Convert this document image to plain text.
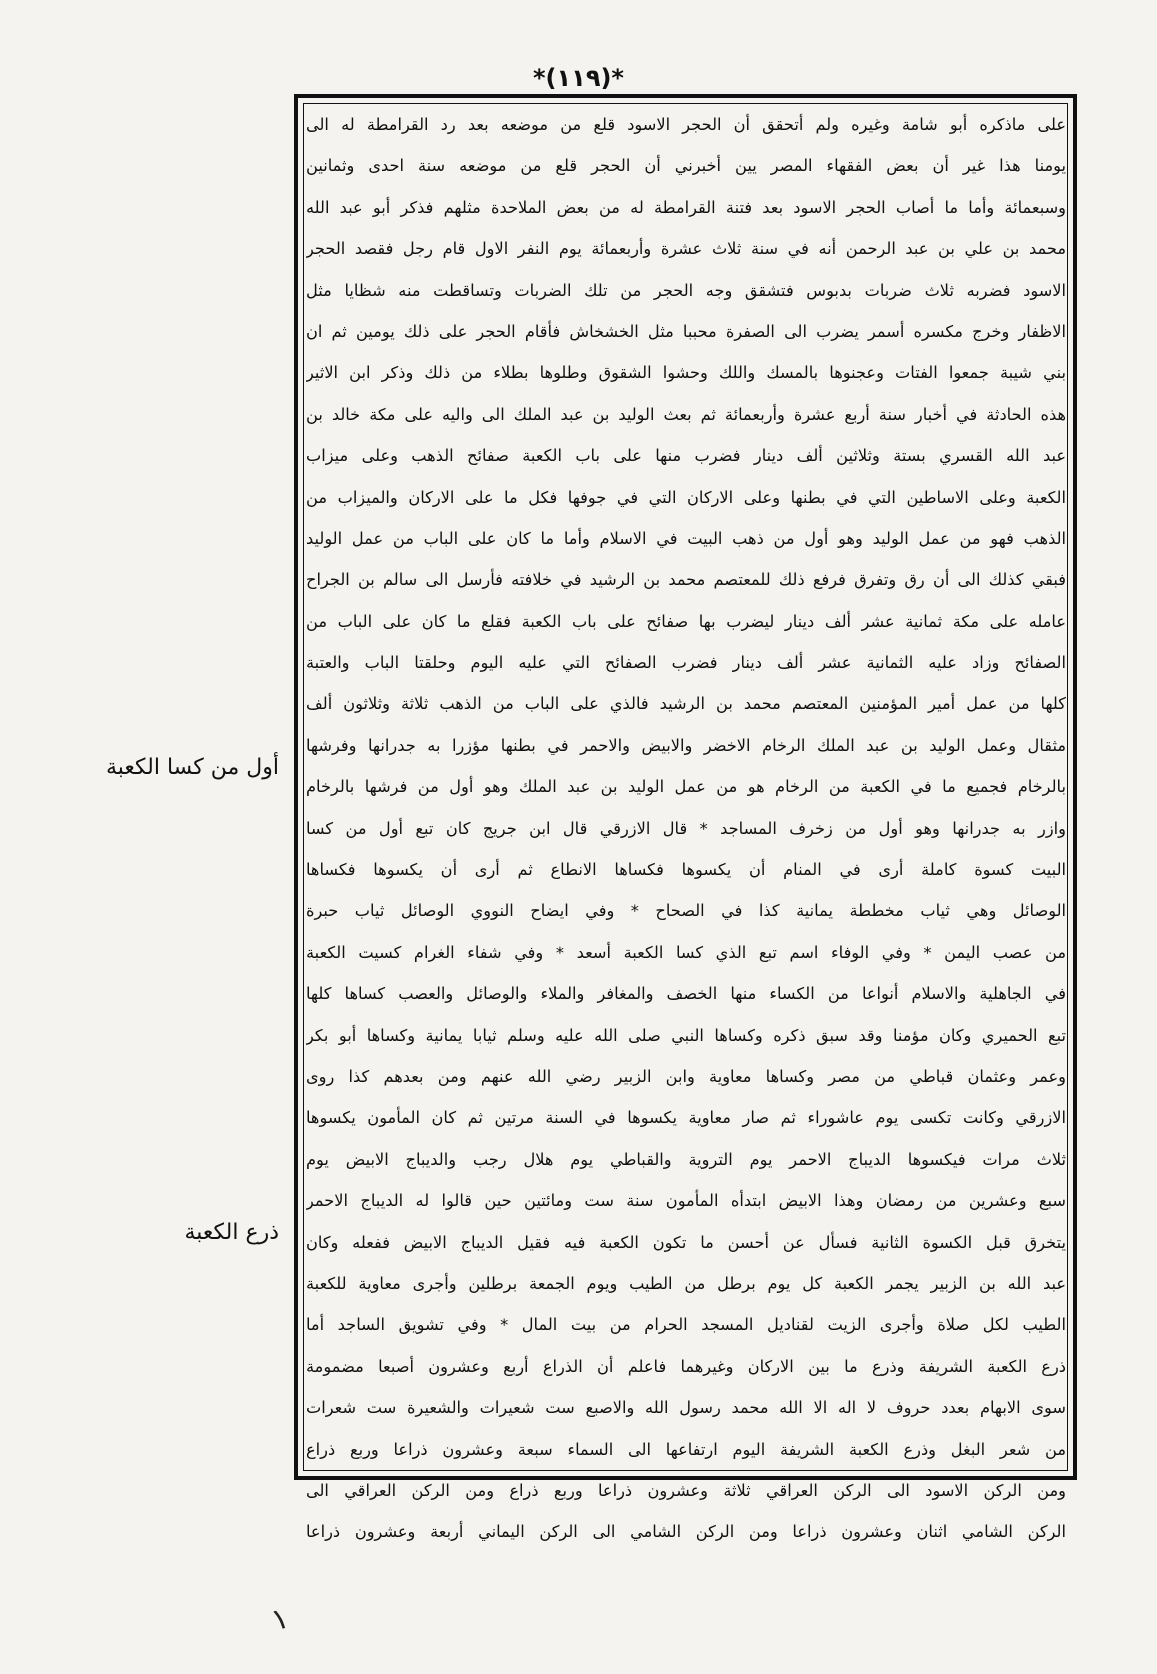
*(۱۱۹)*
على ماذكره أبو شامة وغيره ولم أتحقق أن الحجر الاسود قلع من موضعه بعد رد القرامطة له الى
يومنا هذا غير أن بعض الفقهاء المصر يين أخبرني أن الحجر قلع من موضعه سنة احدى وثمانين
وسبعمائة وأما ما أصاب الحجر الاسود بعد فتنة القرامطة له من بعض الملاحدة مثلهم فذكر أبو عبد الله
محمد بن علي بن عبد الرحمن أنه في سنة ثلاث عشرة وأربعمائة يوم النفر الاول قام رجل فقصد الحجر
الاسود فضربه ثلاث ضربات بدبوس فتشقق وجه الحجر من تلك الضربات وتساقطت منه شظايا مثل
الاظفار وخرج مكسره أسمر يضرب الى الصفرة محببا مثل الخشخاش فأقام الحجر على ذلك يومين ثم ان
بني شيبة جمعوا الفتات وعجنوها بالمسك واللك وحشوا الشقوق وطلوها بطلاء من ذلك وذكر ابن الاثير
هذه الحادثة في أخبار سنة أربع عشرة وأربعمائة ثم بعث الوليد بن عبد الملك الى واليه على مكة خالد بن
عبد الله القسري بستة وثلاثين ألف دينار فضرب منها على باب الكعبة صفائح الذهب وعلى ميزاب
الكعبة وعلى الاساطين التي في بطنها وعلى الاركان التي في جوفها فكل ما على الاركان والميزاب من
الذهب فهو من عمل الوليد وهو أول من ذهب البيت في الاسلام وأما ما كان على الباب من عمل الوليد
فبقي كذلك الى أن رق وتفرق فرفع ذلك للمعتصم محمد بن الرشيد في خلافته فأرسل الى سالم بن الجراح
عامله على مكة ثمانية عشر ألف دينار ليضرب بها صفائح على باب الكعبة فقلع ما كان على الباب من
الصفائح وزاد عليه الثمانية عشر ألف دينار فضرب الصفائح التي عليه اليوم وحلقتا الباب والعتبة
كلها من عمل أمير المؤمنين المعتصم محمد بن الرشيد فالذي على الباب من الذهب ثلاثة وثلاثون ألف
مثقال وعمل الوليد بن عبد الملك الرخام الاخضر والابيض والاحمر في بطنها مؤزرا به جدرانها وفرشها
بالرخام فجميع ما في الكعبة من الرخام هو من عمل الوليد بن عبد الملك وهو أول من فرشها بالرخام
وازر به جدرانها وهو أول من زخرف المساجد * قال الازرقي قال ابن جريج كان تبع أول من كسا
البيت كسوة كاملة أرى في المنام أن يكسوها فكساها الانطاع ثم أرى أن يكسوها فكساها
الوصائل وهي ثياب مخططة يمانية كذا في الصحاح * وفي ايضاح النووي الوصائل ثياب حبرة
من عصب اليمن * وفي الوفاء اسم تبع الذي كسا الكعبة أسعد * وفي شفاء الغرام كسيت الكعبة
في الجاهلية والاسلام أنواعا من الكساء منها الخصف والمغافر والملاء والوصائل والعصب كساها كلها
تبع الحميري وكان مؤمنا وقد سبق ذكره وكساها النبي صلى الله عليه وسلم ثيابا يمانية وكساها أبو بكر
وعمر وعثمان قباطي من مصر وكساها معاوية وابن الزبير رضي الله عنهم ومن بعدهم كذا روى
الازرقي وكانت تكسى يوم عاشوراء ثم صار معاوية يكسوها في السنة مرتين ثم كان المأمون يكسوها
ثلاث مرات فيكسوها الديباج الاحمر يوم التروية والقباطي يوم هلال رجب والديباج الابيض يوم
سبع وعشرين من رمضان وهذا الابيض ابتدأه المأمون سنة ست ومائتين حين قالوا له الديباج الاحمر
يتخرق قبل الكسوة الثانية فسأل عن أحسن ما تكون الكعبة فيه فقيل الديباج الابيض ففعله وكان
عبد الله بن الزبير يجمر الكعبة كل يوم برطل من الطيب ويوم الجمعة برطلين وأجرى معاوية للكعبة
الطيب لكل صلاة وأجرى الزيت لقناديل المسجد الحرام من بيت المال * وفي تشويق الساجد أما
ذرع الكعبة الشريفة وذرع ما بين الاركان وغيرهما فاعلم أن الذراع أربع وعشرون أصبعا مضمومة
سوى الابهام بعدد حروف لا اله الا الله محمد رسول الله والاصبع ست شعيرات والشعيرة ست شعرات
من شعر البغل وذرع الكعبة الشريفة اليوم ارتفاعها الى السماء سبعة وعشرون ذراعا وربع ذراع
ومن الركن الاسود الى الركن العراقي ثلاثة وعشرون ذراعا وربع ذراع ومن الركن العراقي الى
الركن الشامي اثنان وعشرون ذراعا ومن الركن الشامي الى الركن اليماني أربعة وعشرون ذراعا
أول من كسا الكعبة
ذرع الكعبة
١
